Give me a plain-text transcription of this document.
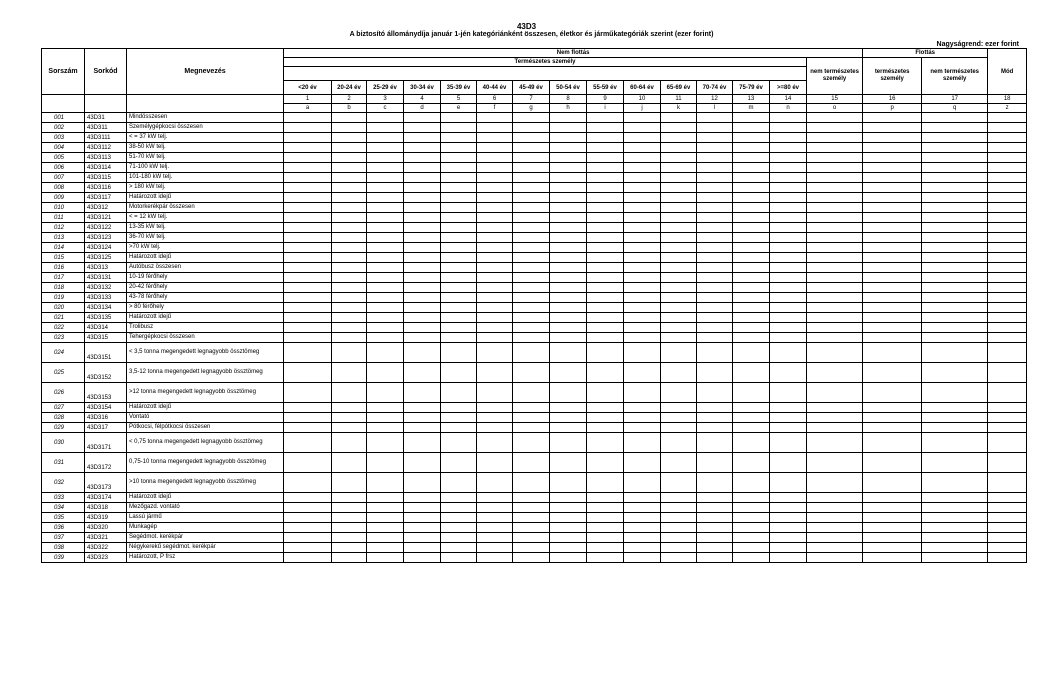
43D3
A biztosító állománydíja január 1-jén kategóriánként összesen, életkor és járműkategóriák szerint (ezer forint)
Nagyságrend: ezer forint
Sorszám	Sorkód	Megnevezés	Nem flottás															Flottás		Mód
			Természetes személy														nem természetes személy	természetes személy	nem természetes személy	

			<20 év	20-24 év	25-29 év	30-34 év	35-39 év	40-44 év	45-49 év	50-54 év	55-59 év	60-64 év	65-69 év	70-74 év	75-79 év	>=80 év				
			1	2	3	4	5	6	7	8	9	10	11	12	13	14	15	16	17	18
			a	b	c	d	e	f	g	h	i	j	k	l	m	n	o	p	q	z
001	43D31	Mindösszesen																		
002	43D311	Személygépkocsi összesen																		
003	43D3111	< = 37 kW telj.																		
004	43D3112	38-50 kW telj.																		
005	43D3113	51-70 kW telj.																		
006	43D3114	71-100 kW telj.																		
007	43D3115	101-180 kW telj.																		
008	43D3116	> 180 kW telj.																		
009	43D3117	Határozott idejű																		
010	43D312	Motorkerékpár összesen																		
011	43D3121	< = 12 kW telj.																		
012	43D3122	13-35 kW telj.																		
013	43D3123	36-70 kW telj.																		
014	43D3124	>70 kW telj.																		
015	43D3125	Határozott idejű																		
016	43D313	Autóbusz összesen																		
017	43D3131	10-19 férőhely																		
018	43D3132	20-42 férőhely																		
019	43D3133	43-78 férőhely																		
020	43D3134	> 80 férőhely																		
021	43D3135	Határozott idejű																		
022	43D314	Trolibusz																		
023	43D315	Tehergépkocsi összesen																		
024	43D3151	< 3,5 tonna megengedett legnagyobb össztömeg																		
025	43D3152	3,5-12 tonna megengedett legnagyobb össztömeg																		
026	43D3153	>12 tonna megengedett legnagyobb össztömeg																		
027	43D3154	Határozott idejű																		
028	43D316	Vontató																		
029	43D317	Pótkocsi, félpótkocsi összesen																		
030	43D3171	< 0,75 tonna megengedett legnagyobb össztömeg																		
031	43D3172	0,75-10 tonna megengedett legnagyobb össztömeg																		
032	43D3173	>10 tonna megengedett legnagyobb össztömeg																		
033	43D3174	Határozott idejű																		
034	43D318	Mezőgazd. vontató																		
035	43D319	Lassú jármű																		
036	43D320	Munkagép																		
037	43D321	Segédmot. kerékpár																		
038	43D322	Négykerekű segédmot. kerékpár																		
039	43D323	Határozott, P frsz																		
